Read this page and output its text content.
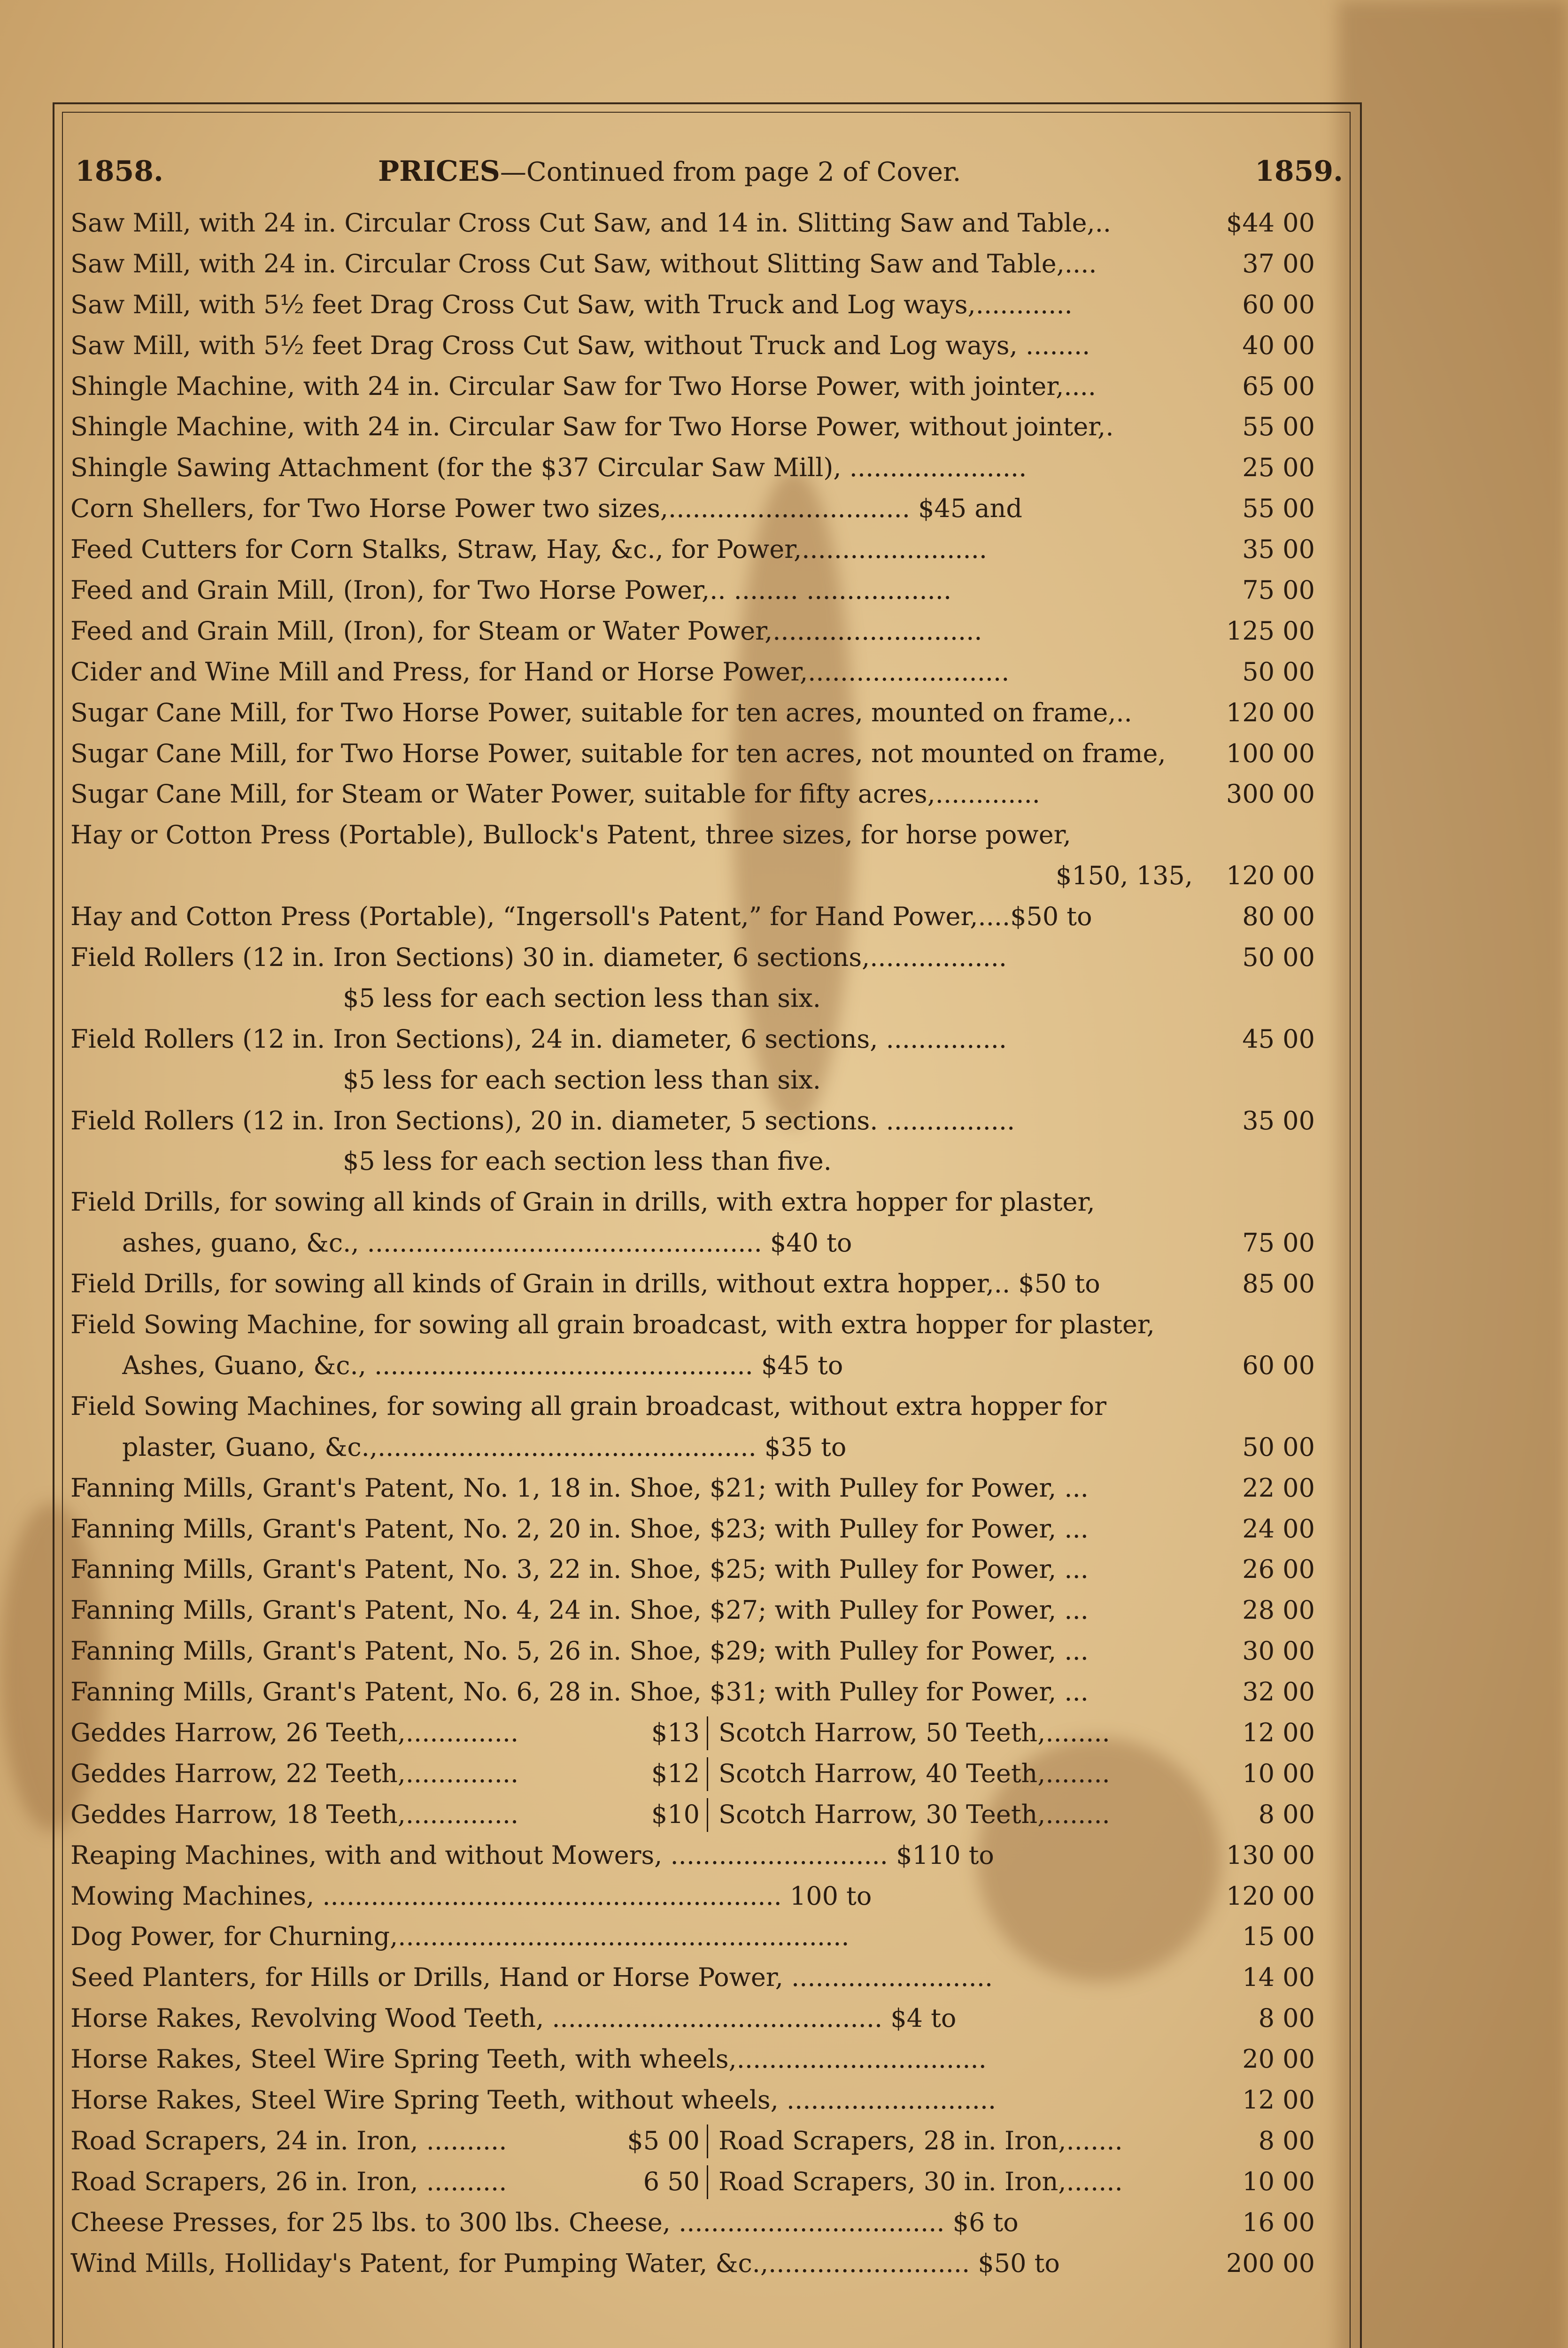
1858.	PRICES—Continued from page 2 of Cover.	1859.
Saw Mill, with 24 in. Circular Cross Cut Saw, and 14 in. Slitting Saw and Table,..	$44 00
Saw Mill, with 24 in. Circular Cross Cut Saw, without Slitting Saw and Table,....	37 00
Saw Mill, with 5½ feet Drag Cross Cut Saw, with Truck and Log ways,............	60 00
Saw Mill, with 5½ feet Drag Cross Cut Saw, without Truck and Log ways, ........	40 00
Shingle Machine, with 24 in. Circular Saw for Two Horse Power, with jointer,....	65 00
Shingle Machine, with 24 in. Circular Saw for Two Horse Power, without jointer,.	55 00
Shingle Sawing Attachment (for the $37 Circular Saw Mill), ......................	25 00
Corn Shellers, for Two Horse Power two sizes,.............................. $45 and	55 00
Feed Cutters for Corn Stalks, Straw, Hay, &c., for Power,.......................	35 00
Feed and Grain Mill, (Iron), for Two Horse Power,.. ........ ..................	75 00
Feed and Grain Mill, (Iron), for Steam or Water Power,..........................	125 00
Cider and Wine Mill and Press, for Hand or Horse Power,.........................	50 00
Sugar Cane Mill, for Two Horse Power, suitable for ten acres, mounted on frame,..	120 00
Sugar Cane Mill, for Two Horse Power, suitable for ten acres, not mounted on frame,	100 00
Sugar Cane Mill, for Steam or Water Power, suitable for fifty acres,.............	300 00
Hay or Cotton Press (Portable), Bullock's Patent, three sizes, for horse power,
$150, 135,	120 00
Hay and Cotton Press (Portable), “Ingersoll's Patent,” for Hand Power,....$50 to	80 00
Field Rollers (12 in. Iron Sections) 30 in. diameter, 6 sections,.................	50 00
$5 less for each section less than six.
Field Rollers (12 in. Iron Sections), 24 in. diameter, 6 sections, ...............	45 00
$5 less for each section less than six.
Field Rollers (12 in. Iron Sections), 20 in. diameter, 5 sections. ................	35 00
$5 less for each section less than five.
Field Drills, for sowing all kinds of Grain in drills, with extra hopper for plaster,
ashes, guano, &c., ................................................. $40 to	75 00
Field Drills, for sowing all kinds of Grain in drills, without extra hopper,.. $50 to	85 00
Field Sowing Machine, for sowing all grain broadcast, with extra hopper for plaster,
Ashes, Guano, &c., ............................................... $45 to	60 00
Field Sowing Machines, for sowing all grain broadcast, without extra hopper for
plaster, Guano, &c.,............................................... $35 to	50 00
Fanning Mills, Grant's Patent, No. 1, 18 in. Shoe, $21; with Pulley for Power, ...	22 00
Fanning Mills, Grant's Patent, No. 2, 20 in. Shoe, $23; with Pulley for Power, ...	24 00
Fanning Mills, Grant's Patent, No. 3, 22 in. Shoe, $25; with Pulley for Power, ...	26 00
Fanning Mills, Grant's Patent, No. 4, 24 in. Shoe, $27; with Pulley for Power, ...	28 00
Fanning Mills, Grant's Patent, No. 5, 26 in. Shoe, $29; with Pulley for Power, ...	30 00
Fanning Mills, Grant's Patent, No. 6, 28 in. Shoe, $31; with Pulley for Power, ...	32 00
Geddes Harrow, 26 Teeth,..............	$13 Scotch Harrow, 50 Teeth,........	12 00
Geddes Harrow, 22 Teeth,..............	$12 Scotch Harrow, 40 Teeth,........	10 00
Geddes Harrow, 18 Teeth,..............	$10 Scotch Harrow, 30 Teeth,........	8 00
Reaping Machines, with and without Mowers, ........................... $110 to	130 00
Mowing Machines, ......................................................... 100 to	120 00
Dog Power, for Churning,........................................................	15 00
Seed Planters, for Hills or Drills, Hand or Horse Power, .........................	14 00
Horse Rakes, Revolving Wood Teeth, ......................................... $4 to	8 00
Horse Rakes, Steel Wire Spring Teeth, with wheels,...............................	20 00
Horse Rakes, Steel Wire Spring Teeth, without wheels, ..........................	12 00
Road Scrapers, 24 in. Iron, ..........	$5 00 Road Scrapers, 28 in. Iron,.......	8 00
Road Scrapers, 26 in. Iron, ..........	6 50 Road Scrapers, 30 in. Iron,.......	10 00
Cheese Presses, for 25 lbs. to 300 lbs. Cheese, ................................. $6 to	16 00
Wind Mills, Holliday's Patent, for Pumping Water, &c.,......................... $50 to	200 00
